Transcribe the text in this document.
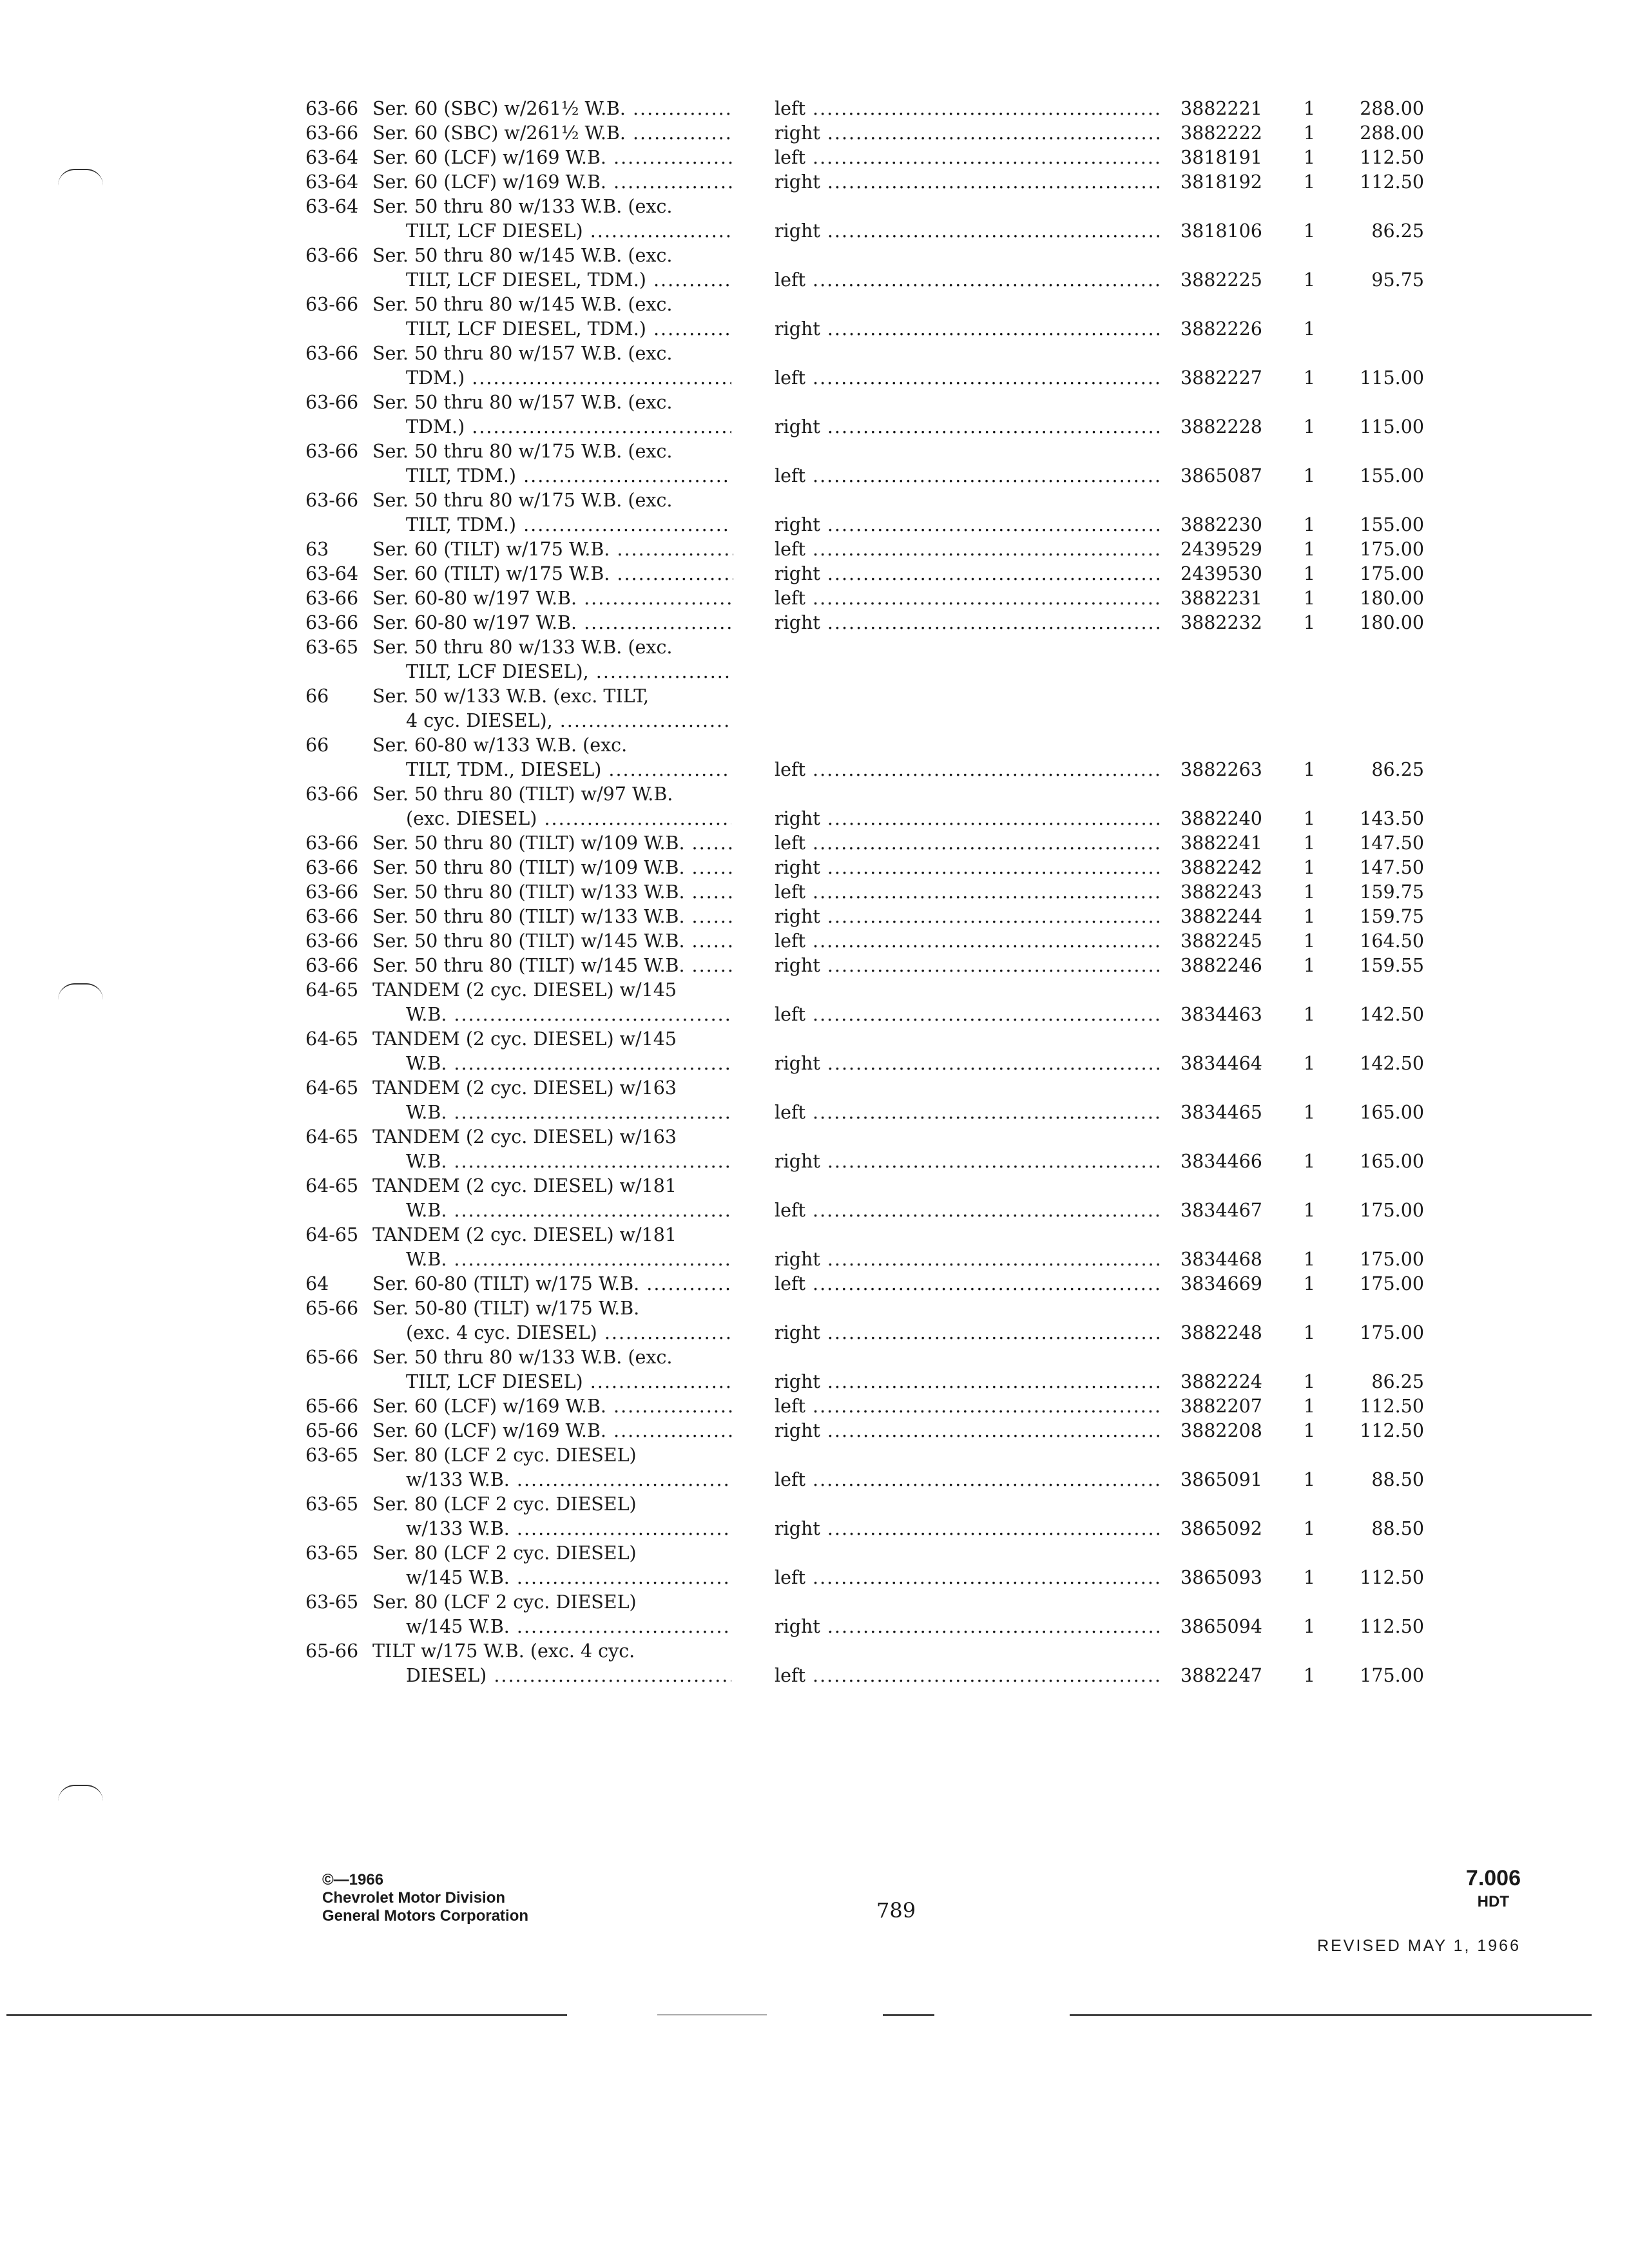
63-66 Ser. 60 (SBC) w/261½ W.B. .....	left .....	3882221	1	288.00
63-66 Ser. 60 (SBC) w/261½ W.B. .....	right .....	3882222	1	288.00
63-64 Ser. 60 (LCF) w/169 W.B. .....	left .....	3818191	1	112.50
63-64 Ser. 60 (LCF) w/169 W.B. .....	right .....	3818192	1	112.50
63-64 Ser. 50 thru 80 w/133 W.B. (exc.
TILT, LCF DIESEL) .....	right .....	3818106	1	86.25
63-66 Ser. 50 thru 80 w/145 W.B. (exc.
TILT, LCF DIESEL, TDM.) .....	left .....	3882225	1	95.75
63-66 Ser. 50 thru 80 w/145 W.B. (exc.
TILT, LCF DIESEL, TDM.) .....	right .....	3882226	1
63-66 Ser. 50 thru 80 w/157 W.B. (exc.
TDM.) .....	left .....	3882227	1	115.00
63-66 Ser. 50 thru 80 w/157 W.B. (exc.
TDM.) .....	right .....	3882228	1	115.00
63-66 Ser. 50 thru 80 w/175 W.B. (exc.
TILT, TDM.) .....	left .....	3865087	1	155.00
63-66 Ser. 50 thru 80 w/175 W.B. (exc.
TILT, TDM.) .....	right .....	3882230	1	155.00
63 Ser. 60 (TILT) w/175 W.B. .....	left .....	2439529	1	175.00
63-64 Ser. 60 (TILT) w/175 W.B. .....	right .....	2439530	1	175.00
63-66 Ser. 60-80 w/197 W.B. .....	left .....	3882231	1	180.00
63-66 Ser. 60-80 w/197 W.B. .....	right .....	3882232	1	180.00
63-65 Ser. 50 thru 80 w/133 W.B. (exc.
TILT, LCF DIESEL), .....
66 Ser. 50 w/133 W.B. (exc. TILT,
4 cyc. DIESEL), .....
66 Ser. 60-80 w/133 W.B. (exc.
TILT, TDM., DIESEL) .....	left .....	3882263	1	86.25
63-66 Ser. 50 thru 80 (TILT) w/97 W.B.
(exc. DIESEL) .....	right .....	3882240	1	143.50
63-66 Ser. 50 thru 80 (TILT) w/109 W.B. .....	left .....	3882241	1	147.50
63-66 Ser. 50 thru 80 (TILT) w/109 W.B. .....	right .....	3882242	1	147.50
63-66 Ser. 50 thru 80 (TILT) w/133 W.B. .....	left .....	3882243	1	159.75
63-66 Ser. 50 thru 80 (TILT) w/133 W.B. .....	right .....	3882244	1	159.75
63-66 Ser. 50 thru 80 (TILT) w/145 W.B. .....	left .....	3882245	1	164.50
63-66 Ser. 50 thru 80 (TILT) w/145 W.B. .....	right .....	3882246	1	159.55
64-65 TANDEM (2 cyc. DIESEL) w/145
W.B. .....	left .....	3834463	1	142.50
64-65 TANDEM (2 cyc. DIESEL) w/145
W.B. .....	right .....	3834464	1	142.50
64-65 TANDEM (2 cyc. DIESEL) w/163
W.B. .....	left .....	3834465	1	165.00
64-65 TANDEM (2 cyc. DIESEL) w/163
W.B. .....	right .....	3834466	1	165.00
64-65 TANDEM (2 cyc. DIESEL) w/181
W.B. .....	left .....	3834467	1	175.00
64-65 TANDEM (2 cyc. DIESEL) w/181
W.B. .....	right .....	3834468	1	175.00
64 Ser. 60-80 (TILT) w/175 W.B. .....	left .....	3834669	1	175.00
65-66 Ser. 50-80 (TILT) w/175 W.B.
(exc. 4 cyc. DIESEL) .....	right .....	3882248	1	175.00
65-66 Ser. 50 thru 80 w/133 W.B. (exc.
TILT, LCF DIESEL) .....	right .....	3882224	1	86.25
65-66 Ser. 60 (LCF) w/169 W.B. .....	left .....	3882207	1	112.50
65-66 Ser. 60 (LCF) w/169 W.B. .....	right .....	3882208	1	112.50
63-65 Ser. 80 (LCF 2 cyc. DIESEL)
w/133 W.B. .....	left .....	3865091	1	88.50
63-65 Ser. 80 (LCF 2 cyc. DIESEL)
w/133 W.B. .....	right .....	3865092	1	88.50
63-65 Ser. 80 (LCF 2 cyc. DIESEL)
w/145 W.B. .....	left .....	3865093	1	112.50
63-65 Ser. 80 (LCF 2 cyc. DIESEL)
w/145 W.B. .....	right .....	3865094	1	112.50
65-66 TILT w/175 W.B. (exc. 4 cyc.
DIESEL) .....	left .....	3882247	1	175.00
©—1966
Chevrolet Motor Division
General Motors Corporation	789
7.006
HDT
REVISED MAY 1, 1966
